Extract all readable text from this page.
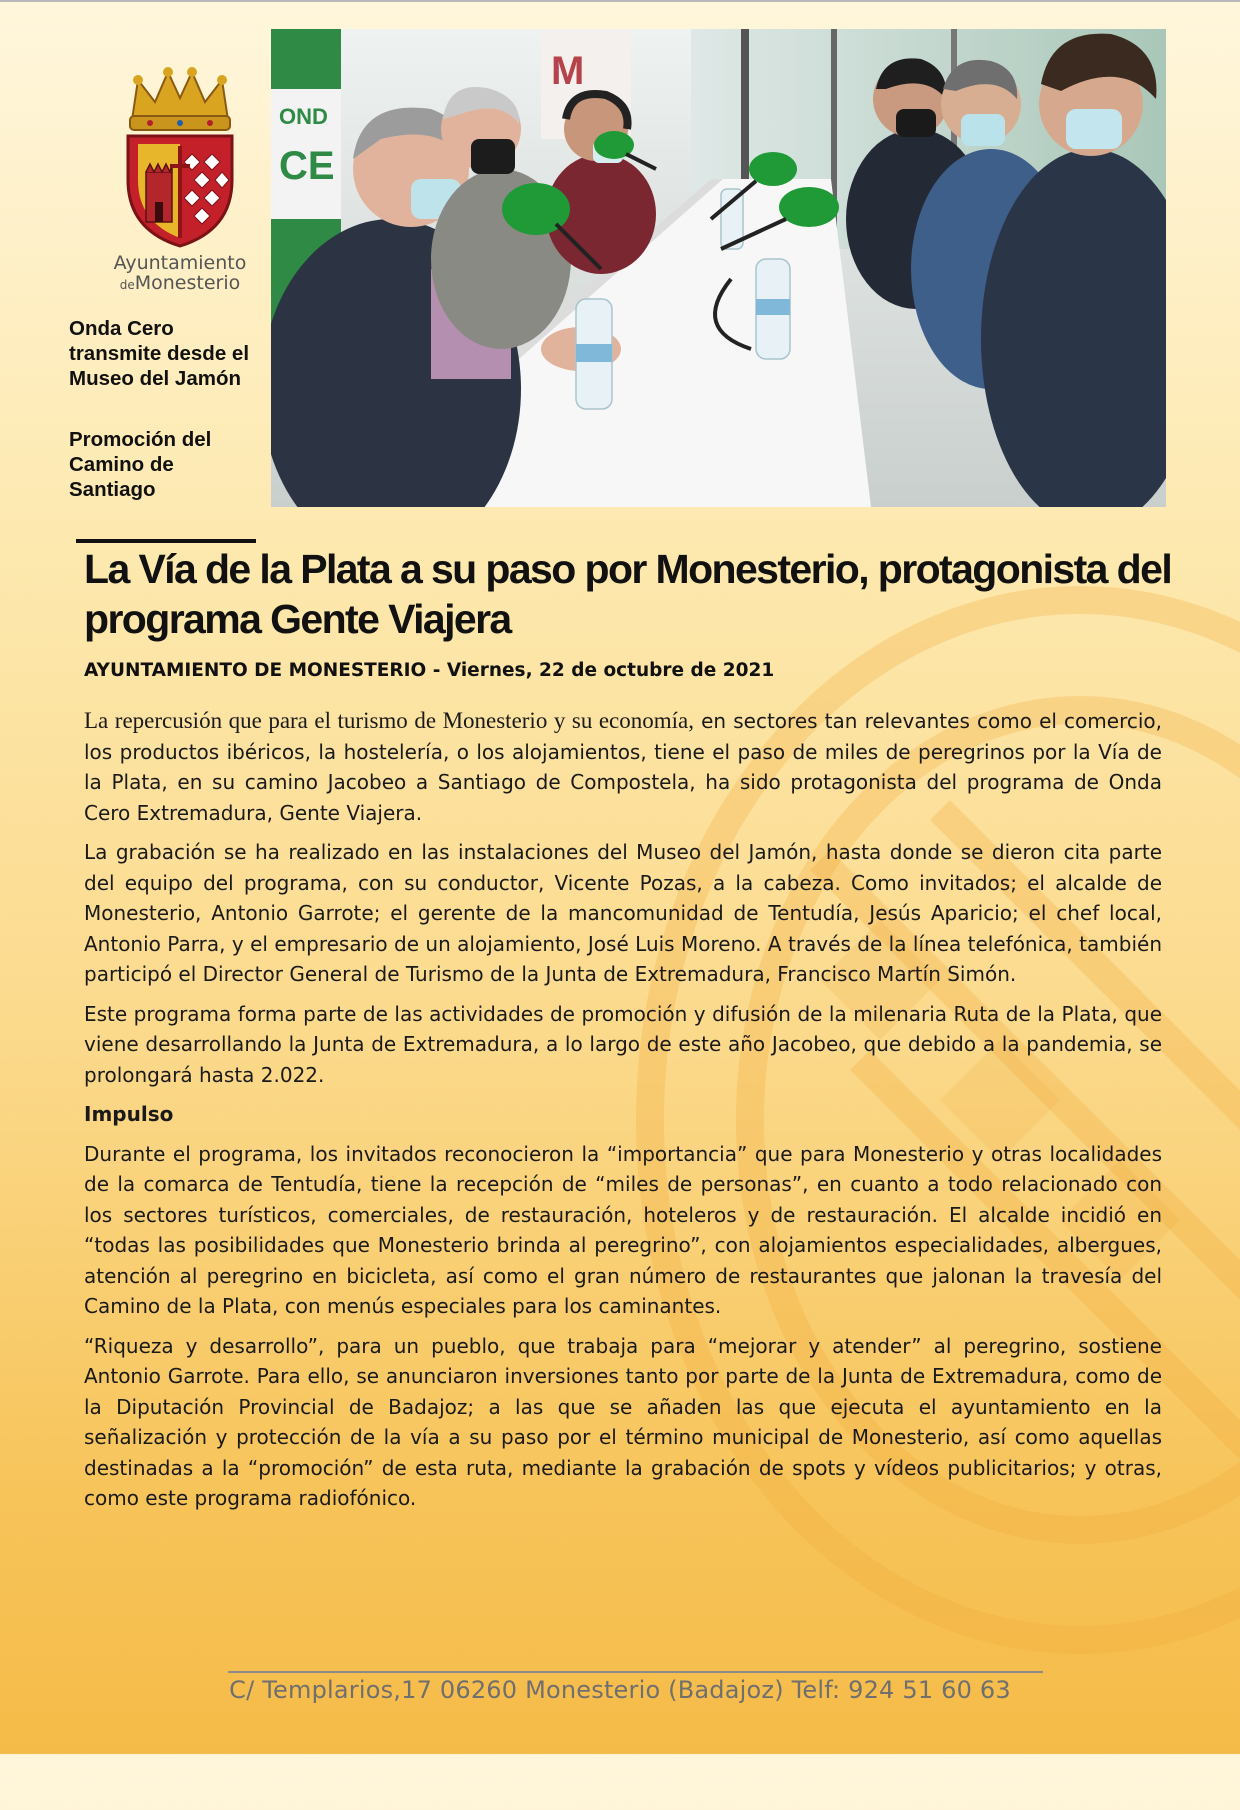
Ayuntamiento
deMonesterio

Onda Cero transmite desde el Museo del Jamón

Promoción del Camino de Santiago

OND
CE
M
La Vía de la Plata a su paso por Monesterio, protagonista del programa Gente Viajera

AYUNTAMIENTO DE MONESTERIO - Viernes, 22 de octubre de 2021

La repercusión que para el turismo de Monesterio y su economía, en sectores tan relevantes como el comercio, los productos ibéricos, la hostelería, o los alojamientos, tiene el paso de miles de peregrinos por la Vía de la Plata, en su camino Jacobeo a Santiago de Compostela, ha sido protagonista del programa de Onda Cero Extremadura, Gente Viajera.

La grabación se ha realizado en las instalaciones del Museo del Jamón, hasta donde se dieron cita parte del equipo del programa, con su conductor, Vicente Pozas, a la cabeza. Como invitados; el alcalde de Monesterio, Antonio Garrote; el gerente de la mancomunidad de Tentudía, Jesús Aparicio; el chef local, Antonio Parra, y el empresario de un alojamiento, José Luis Moreno. A través de la línea telefónica, también participó el Director General de Turismo de la Junta de Extremadura, Francisco Martín Simón.

Este programa forma parte de las actividades de promoción y difusión de la milenaria Ruta de la Plata, que viene desarrollando la Junta de Extremadura, a lo largo de este año Jacobeo, que debido a la pandemia, se prolongará hasta 2.022.

Impulso

Durante el programa, los invitados reconocieron la “importancia” que para Monesterio y otras localidades de la comarca de Tentudía, tiene la recepción de “miles de personas”, en cuanto a todo relacionado con los sectores turísticos, comerciales, de restauración, hoteleros y de restauración. El alcalde incidió en “todas las posibilidades que Monesterio brinda al peregrino”, con alojamientos especialidades, albergues, atención al peregrino en bicicleta, así como el gran número de restaurantes que jalonan la travesía del Camino de la Plata, con menús especiales para los caminantes.

“Riqueza y desarrollo”, para un pueblo, que trabaja para “mejorar y atender” al peregrino, sostiene Antonio Garrote. Para ello, se anunciaron inversiones tanto por parte de la Junta de Extremadura, como de la Diputación Provincial de Badajoz; a las que se añaden las que ejecuta el ayuntamiento en la señalización y protección de la vía a su paso por el término municipal de Monesterio, así como aquellas destinadas a la “promoción” de esta ruta, mediante la grabación de spots y vídeos publicitarios; y otras, como este programa radiofónico.

C/ Templarios,17 06260 Monesterio (Badajoz) Telf: 924 51 60 63
